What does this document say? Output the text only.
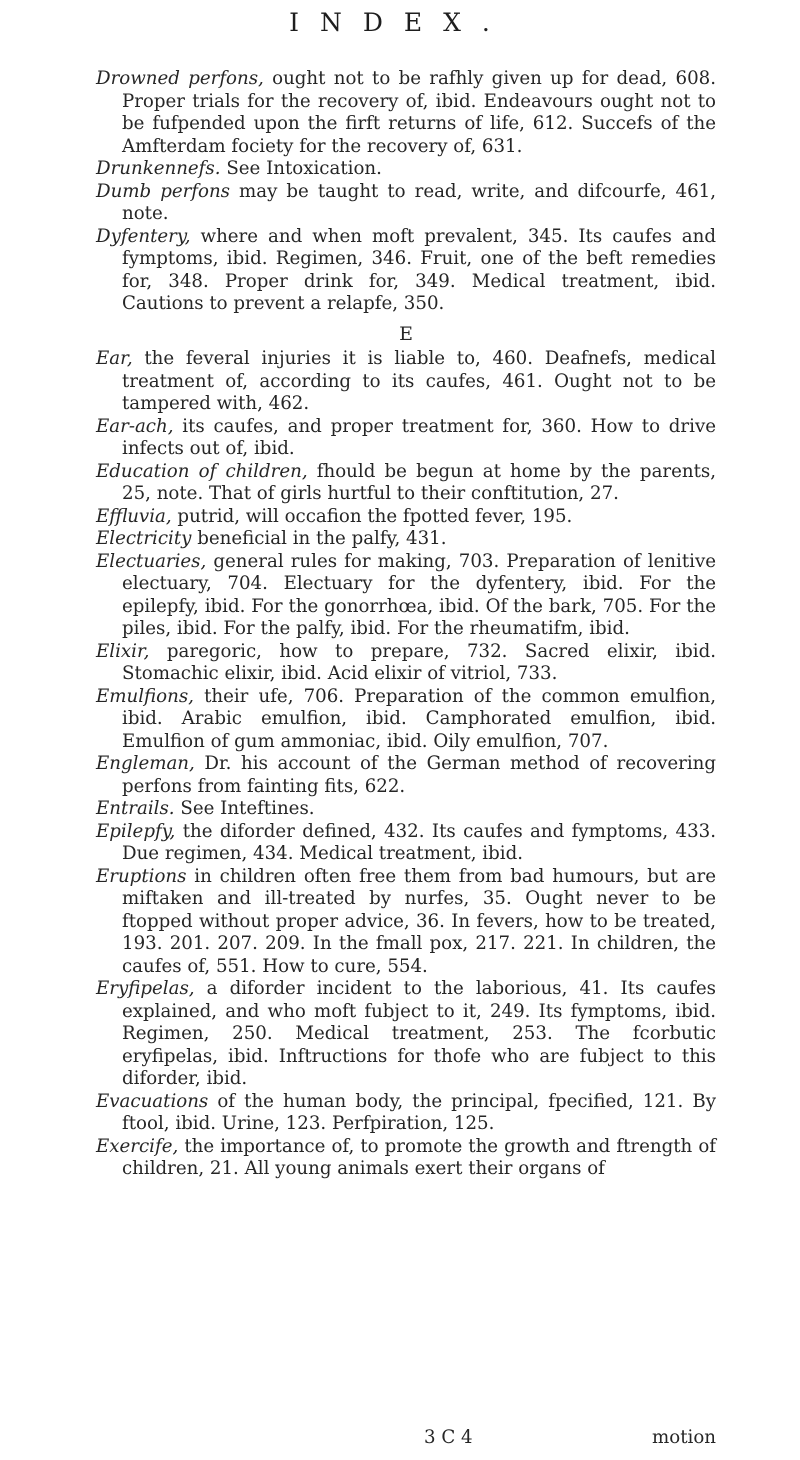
INDEX.

Drowned perfons, ought not to be rafhly given up for dead, 608. Proper trials for the recovery of, ibid. Endeavours ought not to be fufpended upon the firft returns of life, 612. Succefs of the Amfterdam fociety for the recovery of, 631.

Drunkennefs. See Intoxication.

Dumb perfons may be taught to read, write, and difcourfe, 461, note.

Dyfentery, where and when moft prevalent, 345. Its caufes and fymptoms, ibid. Regimen, 346. Fruit, one of the beft remedies for, 348. Proper drink for, 349. Medical treatment, ibid. Cautions to prevent a relapfe, 350.

E

Ear, the feveral injuries it is liable to, 460. Deafnefs, medical treatment of, according to its caufes, 461. Ought not to be tampered with, 462.

Ear-ach, its caufes, and proper treatment for, 360. How to drive infects out of, ibid.

Education of children, fhould be begun at home by the parents, 25, note. That of girls hurtful to their conftitution, 27.

Effluvia, putrid, will occafion the fpotted fever, 195.

Electricity beneficial in the palfy, 431.

Electuaries, general rules for making, 703. Preparation of lenitive electuary, 704. Electuary for the dyfentery, ibid. For the epilepfy, ibid. For the gonorrhœa, ibid. Of the bark, 705. For the piles, ibid. For the palfy, ibid. For the rheumatifm, ibid.

Elixir, paregoric, how to prepare, 732. Sacred elixir, ibid. Stomachic elixir, ibid. Acid elixir of vitriol, 733.

Emulfions, their ufe, 706. Preparation of the common emulfion, ibid. Arabic emulfion, ibid. Camphorated emulfion, ibid. Emulfion of gum ammoniac, ibid. Oily emulfion, 707.

Engleman, Dr. his account of the German method of recovering perfons from fainting fits, 622.

Entrails. See Inteftines.

Epilepfy, the diforder defined, 432. Its caufes and fymptoms, 433. Due regimen, 434. Medical treatment, ibid.

Eruptions in children often free them from bad humours, but are miftaken and ill-treated by nurfes, 35. Ought never to be ftopped without proper advice, 36. In fevers, how to be treated, 193. 201. 207. 209. In the fmall pox, 217. 221. In children, the caufes of, 551. How to cure, 554.

Eryfipelas, a diforder incident to the laborious, 41. Its caufes explained, and who moft fubject to it, 249. Its fymptoms, ibid. Regimen, 250. Medical treatment, 253. The fcorbutic eryfipelas, ibid. Inftructions for thofe who are fubject to this diforder, ibid.

Evacuations of the human body, the principal, fpecified, 121. By ftool, ibid. Urine, 123. Perfpiration, 125.

Exercife, the importance of, to promote the growth and ftrength of children, 21. All young animals exert their organs of

3 C 4	motion
